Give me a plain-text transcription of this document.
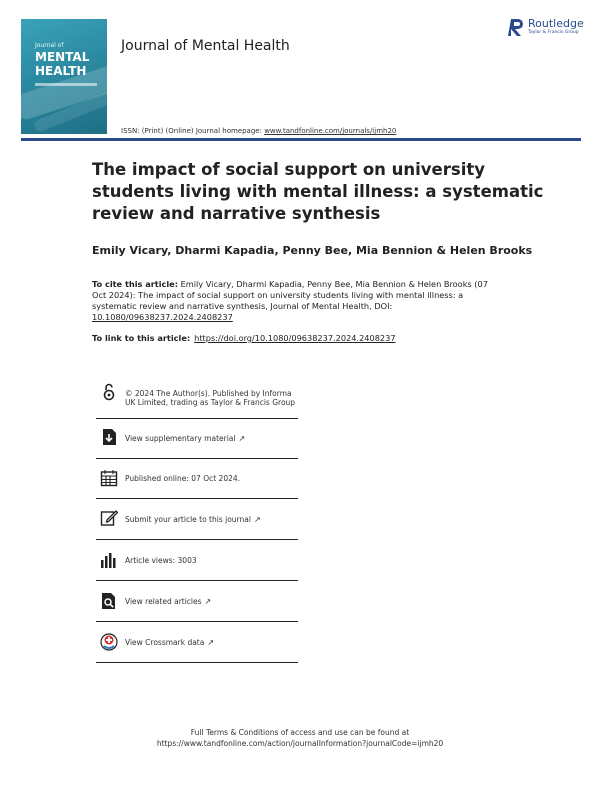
Journal of
MENTAL
HEALTH
Journal of Mental Health
Routledge
Taylor & Francis Group
ISSN: (Print) (Online) Journal homepage: www.tandfonline.com/journals/ijmh20
The impact of social support on university students living with mental illness: a systematic review and narrative synthesis
Emily Vicary, Dharmi Kapadia, Penny Bee, Mia Bennion & Helen Brooks
To cite this article: Emily Vicary, Dharmi Kapadia, Penny Bee, Mia Bennion & Helen Brooks (07 Oct 2024): The impact of social support on university students living with mental illness: a systematic review and narrative synthesis, Journal of Mental Health, DOI: 10.1080/09638237.2024.2408237
To link to this article: https://doi.org/10.1080/09638237.2024.2408237
© 2024 The Author(s). Published by Informa UK Limited, trading as Taylor & Francis Group
View supplementary material ↗
Published online: 07 Oct 2024.
Submit your article to this journal ↗
Article views: 3003
View related articles ↗
View Crossmark data ↗
Full Terms & Conditions of access and use can be found at
https://www.tandfonline.com/action/journalInformation?journalCode=ijmh20
